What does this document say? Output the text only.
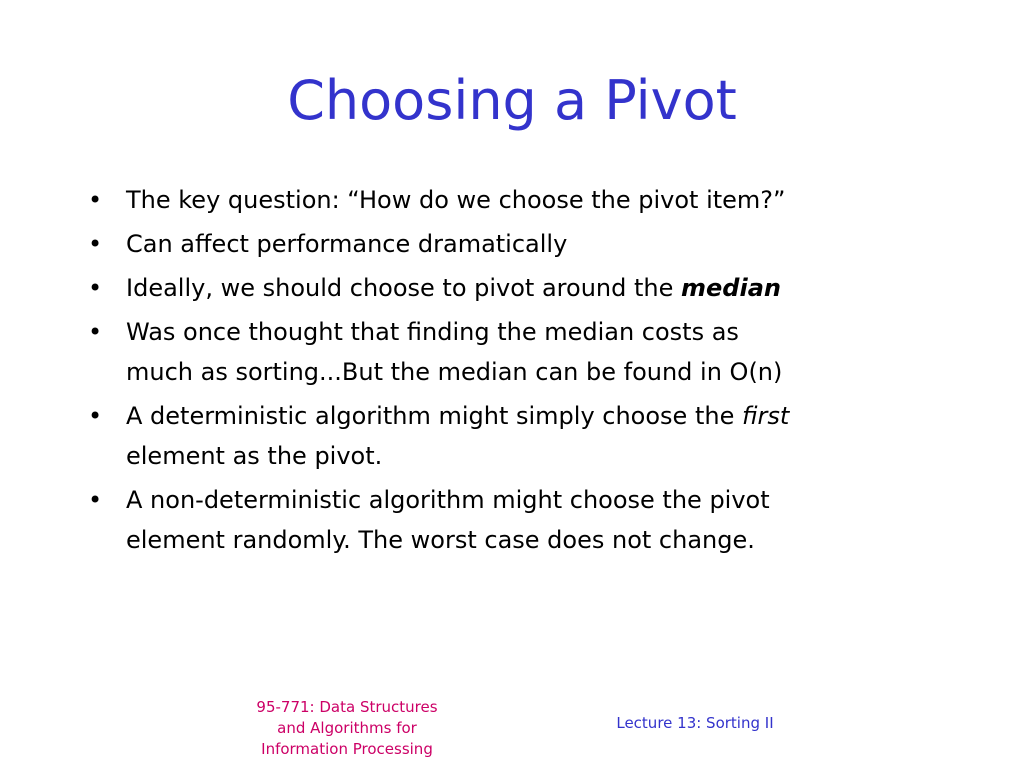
Choosing a Pivot
• The key question: “How do we choose the pivot item?”
• Can affect performance dramatically
• Ideally, we should choose to pivot around the median
• Was once thought that finding the median costs as
much as sorting...But the median can be found in O(n)
• A deterministic algorithm might simply choose the first
element as the pivot.
• A non-deterministic algorithm might choose the pivot
element randomly. The worst case does not change.
95-771: Data Structures
and Algorithms for
Information Processing
Lecture 13: Sorting II
